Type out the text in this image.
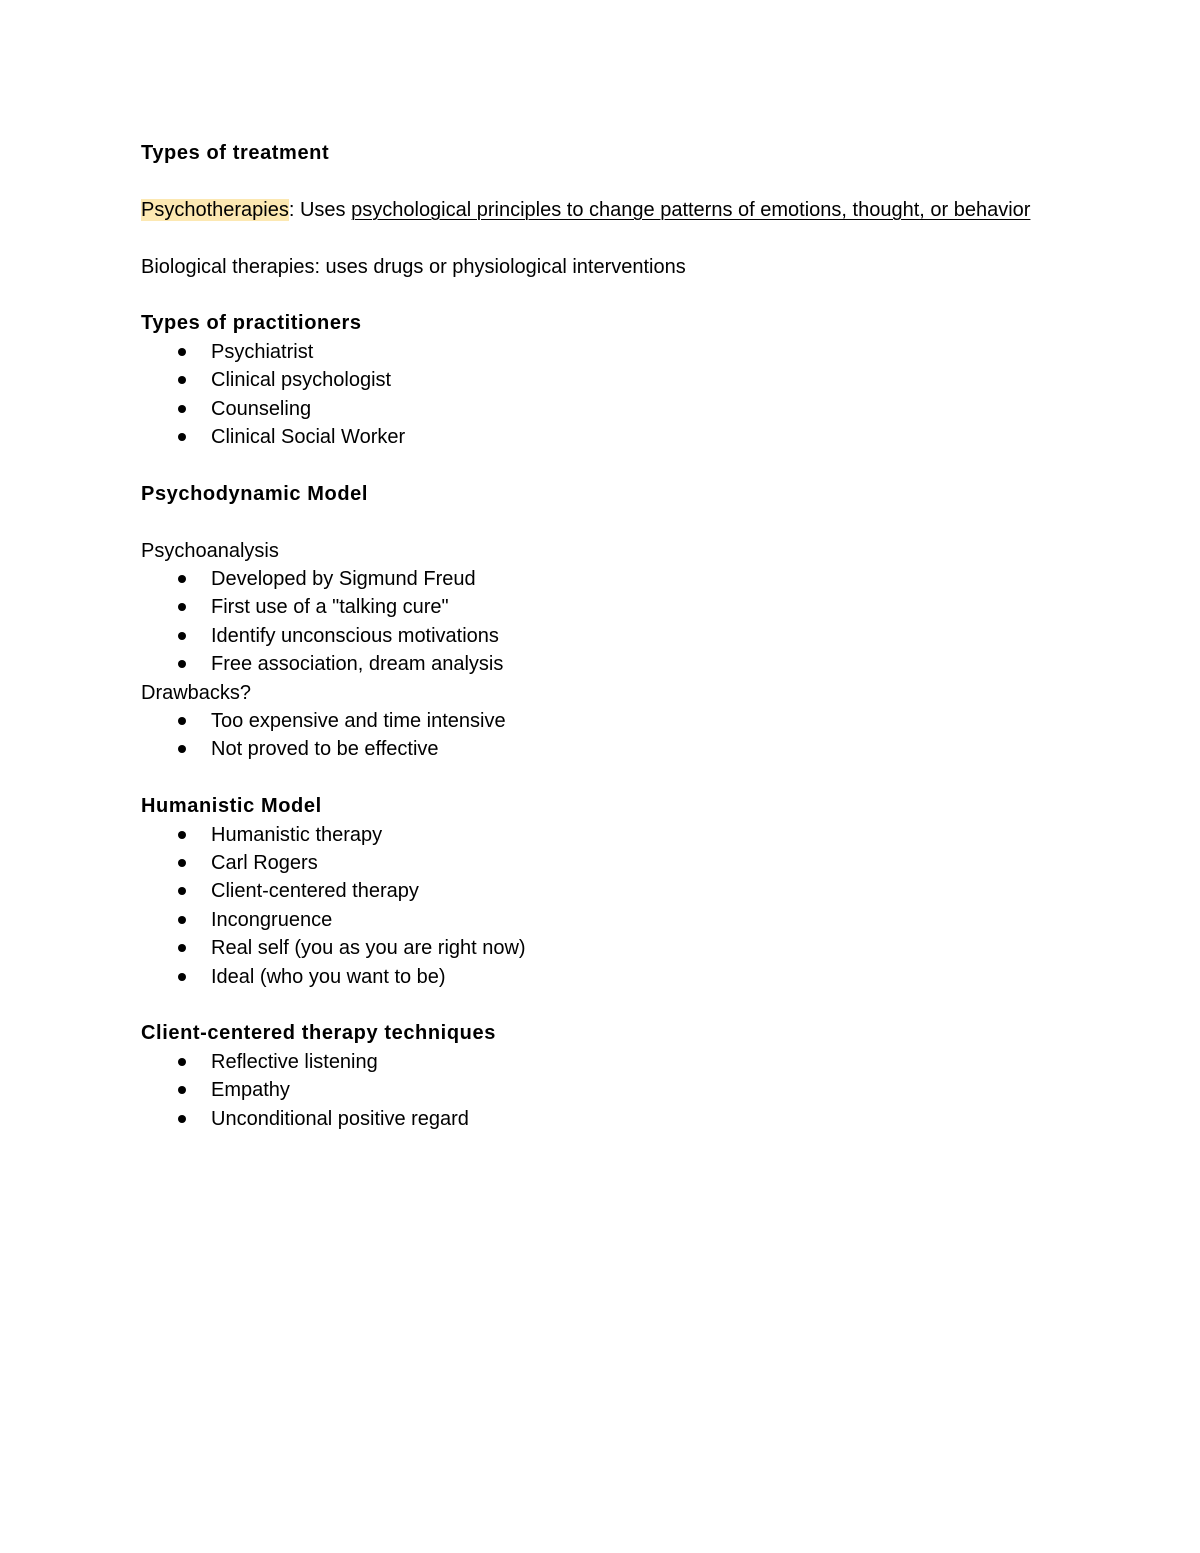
Types of treatment

Psychotherapies: Uses psychological principles to change patterns of emotions, thought, or behavior

Biological therapies: uses drugs or physiological interventions

Types of practitioners

Psychiatrist
Clinical psychologist
Counseling
Clinical Social Worker

Psychodynamic Model

Psychoanalysis

Developed by Sigmund Freud
First use of a "talking cure"
Identify unconscious motivations
Free association, dream analysis

Drawbacks?

Too expensive and time intensive
Not proved to be effective

Humanistic Model

Humanistic therapy
Carl Rogers
Client-centered therapy
Incongruence
Real self (you as you are right now)
Ideal (who you want to be)

Client-centered therapy techniques

Reflective listening
Empathy
Unconditional positive regard
